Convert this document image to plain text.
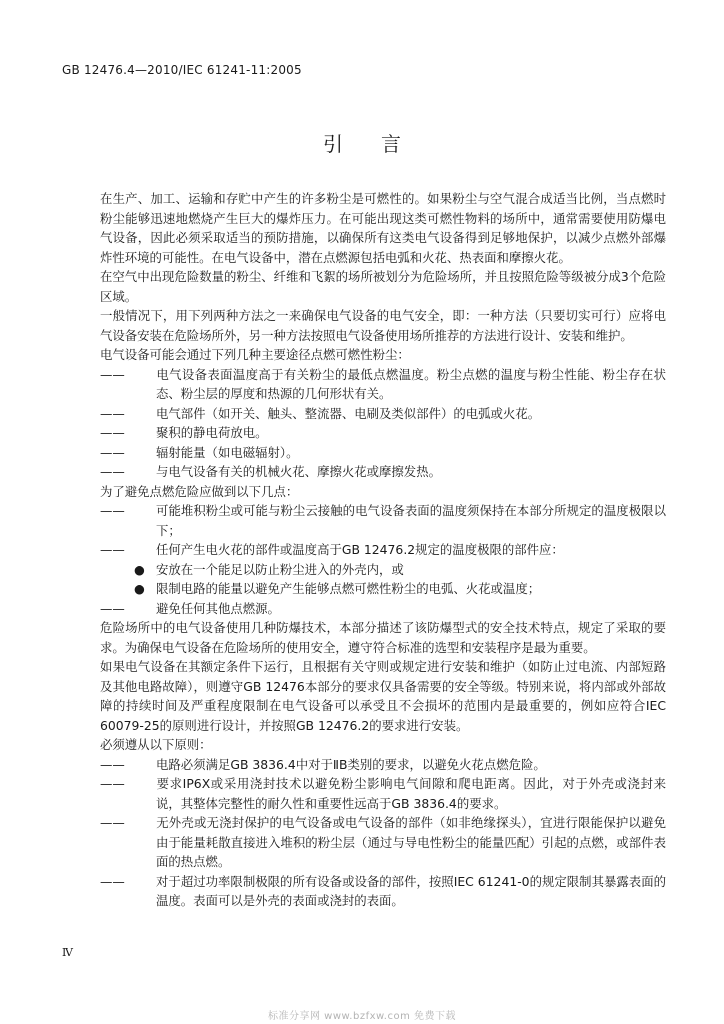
GB 12476.4—2010/IEC 61241-11:2005
引言

在生产、加工、运输和存贮中产生的许多粉尘是可燃性的。如果粉尘与空气混合成适当比例，当点燃时粉尘能够迅速地燃烧产生巨大的爆炸压力。在可能出现这类可燃性物料的场所中，通常需要使用防爆电气设备，因此必须采取适当的预防措施，以确保所有这类电气设备得到足够地保护，以减少点燃外部爆炸性环境的可能性。在电气设备中，潜在点燃源包括电弧和火花、热表面和摩擦火花。

在空气中出现危险数量的粉尘、纤维和飞絮的场所被划分为危险场所，并且按照危险等级被分成3个危险区域。

一般情况下，用下列两种方法之一来确保电气设备的电气安全，即：一种方法（只要切实可行）应将电气设备安装在危险场所外，另一种方法按照电气设备使用场所推荐的方法进行设计、安装和维护。

电气设备可能会通过下列几种主要途径点燃可燃性粉尘：

——	电气设备表面温度高于有关粉尘的最低点燃温度。粉尘点燃的温度与粉尘性能、粉尘存在状态、粉尘层的厚度和热源的几何形状有关。

——	电气部件（如开关、触头、整流器、电刷及类似部件）的电弧或火花。

——	聚积的静电荷放电。

——	辐射能量（如电磁辐射）。

——	与电气设备有关的机械火花、摩擦火花或摩擦发热。

为了避免点燃危险应做到以下几点：

——	可能堆积粉尘或可能与粉尘云接触的电气设备表面的温度须保持在本部分所规定的温度极限以下；

——	任何产生电火花的部件或温度高于GB 12476.2规定的温度极限的部件应：

● 安放在一个能足以防止粉尘进入的外壳内，或

● 限制电路的能量以避免产生能够点燃可燃性粉尘的电弧、火花或温度；

——	避免任何其他点燃源。

危险场所中的电气设备使用几种防爆技术，本部分描述了该防爆型式的安全技术特点，规定了采取的要求。为确保电气设备在危险场所的使用安全，遵守符合标准的选型和安装程序是最为重要。

如果电气设备在其额定条件下运行，且根据有关守则或规定进行安装和维护（如防止过电流、内部短路及其他电路故障），则遵守GB 12476本部分的要求仅具备需要的安全等级。特别来说，将内部或外部故障的持续时间及严重程度限制在电气设备可以承受且不会损坏的范围内是最重要的，例如应符合IEC 60079-25的原则进行设计，并按照GB 12476.2的要求进行安装。

必须遵从以下原则：

——	电路必须满足GB 3836.4中对于ⅡB类别的要求，以避免火花点燃危险。

——	要求IP6X或采用浇封技术以避免粉尘影响电气间隙和爬电距离。因此，对于外壳或浇封来说，其整体完整性的耐久性和重要性远高于GB 3836.4的要求。

——	无外壳或无浇封保护的电气设备或电气设备的部件（如非绝缘探头），宜进行限能保护以避免由于能量耗散直接进入堆积的粉尘层（通过与导电性粉尘的能量匹配）引起的点燃，或部件表面的热点燃。

——	对于超过功率限制极限的所有设备或设备的部件，按照IEC 61241-0的规定限制其暴露表面的温度。表面可以是外壳的表面或浇封的表面。

Ⅳ
标准分享网 www.bzfxw.com 免费下载
